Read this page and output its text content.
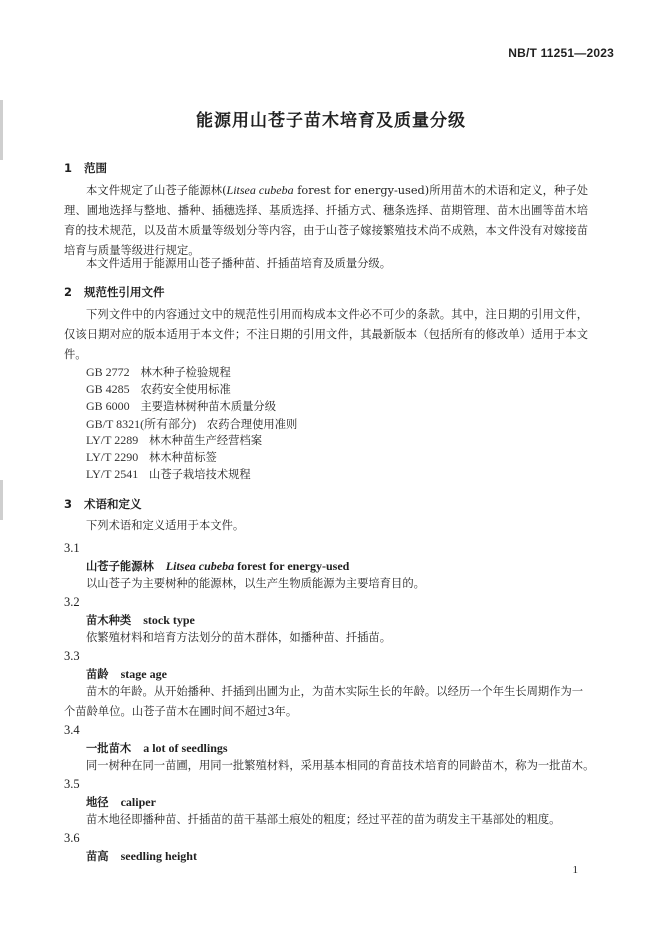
NB/T 11251—2023
能源用山苍子苗木培育及质量分级
1 范围
本文件规定了山苍子能源林(Litsea cubeba forest for energy-used)所用苗木的术语和定义，种子处理、圃地选择与整地、播种、插穗选择、基质选择、扦插方式、穗条选择、苗期管理、苗木出圃等苗木培育的技术规范，以及苗木质量等级划分等内容，由于山苍子嫁接繁殖技术尚不成熟，本文件没有对嫁接苗培育与质量等级进行规定。
本文件适用于能源用山苍子播种苗、扦插苗培育及质量分级。
2 规范性引用文件
下列文件中的内容通过文中的规范性引用而构成本文件必不可少的条款。其中，注日期的引用文件，仅该日期对应的版本适用于本文件；不注日期的引用文件，其最新版本（包括所有的修改单）适用于本文件。
GB 2772 林木种子检验规程
GB 4285 农药安全使用标准
GB 6000 主要造林树种苗木质量分级
GB/T 8321(所有部分) 农药合理使用准则
LY/T 2289 林木种苗生产经营档案
LY/T 2290 林木种苗标签
LY/T 2541 山苍子栽培技术规程
3 术语和定义
下列术语和定义适用于本文件。
3.1
山苍子能源林 Litsea cubeba forest for energy-used
以山苍子为主要树种的能源林，以生产生物质能源为主要培育目的。
3.2
苗木种类 stock type
依繁殖材料和培育方法划分的苗木群体，如播种苗、扦插苗。
3.3
苗龄 stage age
苗木的年龄。从开始播种、扦插到出圃为止，为苗木实际生长的年龄。以经历一个年生长周期作为一
个苗龄单位。山苍子苗木在圃时间不超过3年。
3.4
一批苗木 a lot of seedlings
同一树种在同一苗圃，用同一批繁殖材料，采用基本相同的育苗技术培育的同龄苗木，称为一批苗木。
3.5
地径 caliper
苗木地径即播种苗、扦插苗的苗干基部土痕处的粗度；经过平茬的苗为萌发主干基部处的粗度。
3.6
苗高 seedling height
1
